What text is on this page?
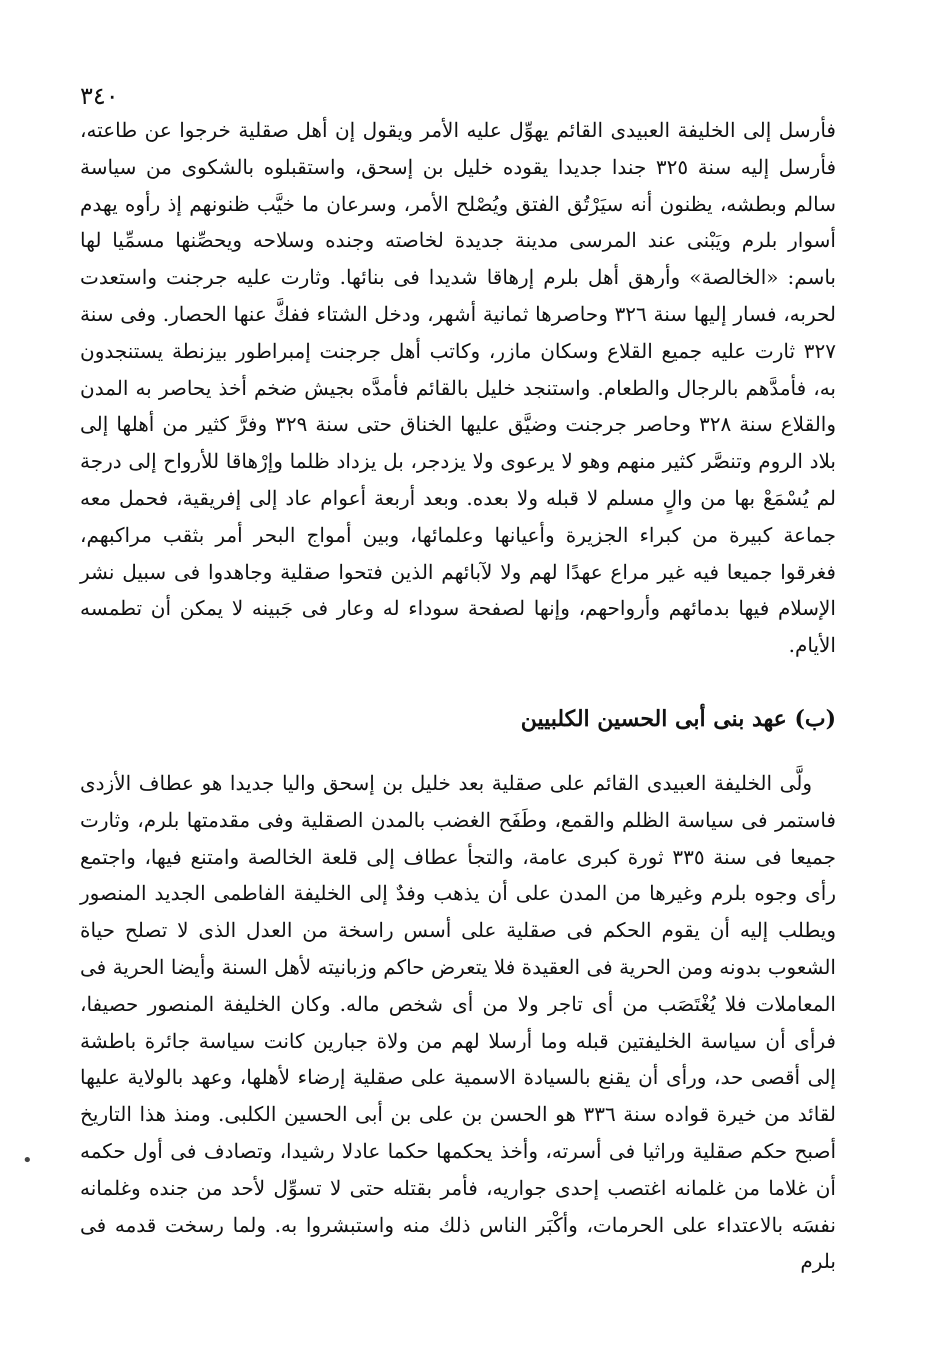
٣٤٠

فأرسل إلى الخليفة العبيدى القائم يهوِّل عليه الأمر ويقول إن أهل صقلية خرجوا عن طاعته، فأرسل إليه سنة ٣٢٥ جندا جديدا يقوده خليل بن إسحق، واستقبلوه بالشكوى من سياسة سالم وبطشه، يظنون أنه سيَرْتُق الفتق ويُصْلح الأمر، وسرعان ما خيَّب ظنونهم إذ رأوه يهدم أسوار بلرم ويَبْنى عند المرسى مدينة جديدة لخاصته وجنده وسلاحه ويحصِّنها مسمِّيا لها باسم: «الخالصة» وأرهق أهل بلرم إرهاقا شديدا فى بنائها. وثارت عليه جرجنت واستعدت لحربه، فسار إليها سنة ٣٢٦ وحاصرها ثمانية أشهر، ودخل الشتاء ففكَّ عنها الحصار. وفى سنة ٣٢٧ ثارت عليه جميع القلاع وسكان مازر، وكاتب أهل جرجنت إمبراطور بيزنطة يستنجدون به، فأمدَّهم بالرجال والطعام. واستنجد خليل بالقائم فأمدَّه بجيش ضخم أخذ يحاصر به المدن والقلاع سنة ٣٢٨ وحاصر جرجنت وضيَّق عليها الخناق حتى سنة ٣٢٩ وفرَّ كثير من أهلها إلى بلاد الروم وتنصَّر كثير منهم وهو لا يرعوى ولا يزدجر، بل يزداد ظلما وإرْهاقا للأرواح إلى درجة لم يُسْمَعْ بها من والٍ مسلم لا قبله ولا بعده. وبعد أربعة أعوام عاد إلى إفريقية، فحمل معه جماعة كبيرة من كبراء الجزيرة وأعيانها وعلمائها، وبين أمواج البحر أمر بثقب مراكبهم، فغرقوا جميعا فيه غير مراع عهدًا لهم ولا لآبائهم الذين فتحوا صقلية وجاهدوا فى سبيل نشر الإسلام فيها بدمائهم وأرواحهم، وإنها لصفحة سوداء له وعار فى جَبينه لا يمكن أن تطمسه الأيام.

(ب) عهد بنى أبى الحسين الكلبيين

ولَّى الخليفة العبيدى القائم على صقلية بعد خليل بن إسحق واليا جديدا هو عطاف الأزدى فاستمر فى سياسة الظلم والقمع، وطَفَح الغضب بالمدن الصقلية وفى مقدمتها بلرم، وثارت جميعا فى سنة ٣٣٥ ثورة كبرى عامة، والتجأ عطاف إلى قلعة الخالصة وامتنع فيها، واجتمع رأى وجوه بلرم وغيرها من المدن على أن يذهب وفدٌ إلى الخليفة الفاطمى الجديد المنصور ويطلب إليه أن يقوم الحكم فى صقلية على أسس راسخة من العدل الذى لا تصلح حياة الشعوب بدونه ومن الحرية فى العقيدة فلا يتعرض حاكم وزبانيته لأهل السنة وأيضا الحرية فى المعاملات فلا يُغْتَصَب من أى تاجر ولا من أى شخص ماله. وكان الخليفة المنصور حصيفا، فرأى أن سياسة الخليفتين قبله وما أرسلا لهم من ولاة جبارين كانت سياسة جائرة باطشة إلى أقصى حد، ورأى أن يقنع بالسيادة الاسمية على صقلية إرضاء لأهلها، وعهد بالولاية عليها لقائد من خيرة قواده سنة ٣٣٦ هو الحسن بن على بن أبى الحسين الكلبى. ومنذ هذا التاريخ أصبح حكم صقلية وراثيا فى أسرته، وأخذ يحكمها حكما عادلا رشيدا، وتصادف فى أول حكمه أن غلاما من غلمانه اغتصب إحدى جواريه، فأمر بقتله حتى لا تسوِّل لأحد من جنده وغلمانه نفسَه بالاعتداء على الحرمات، وأكْبَر الناس ذلك منه واستبشروا به. ولما رسخت قدمه فى بلرم

•
